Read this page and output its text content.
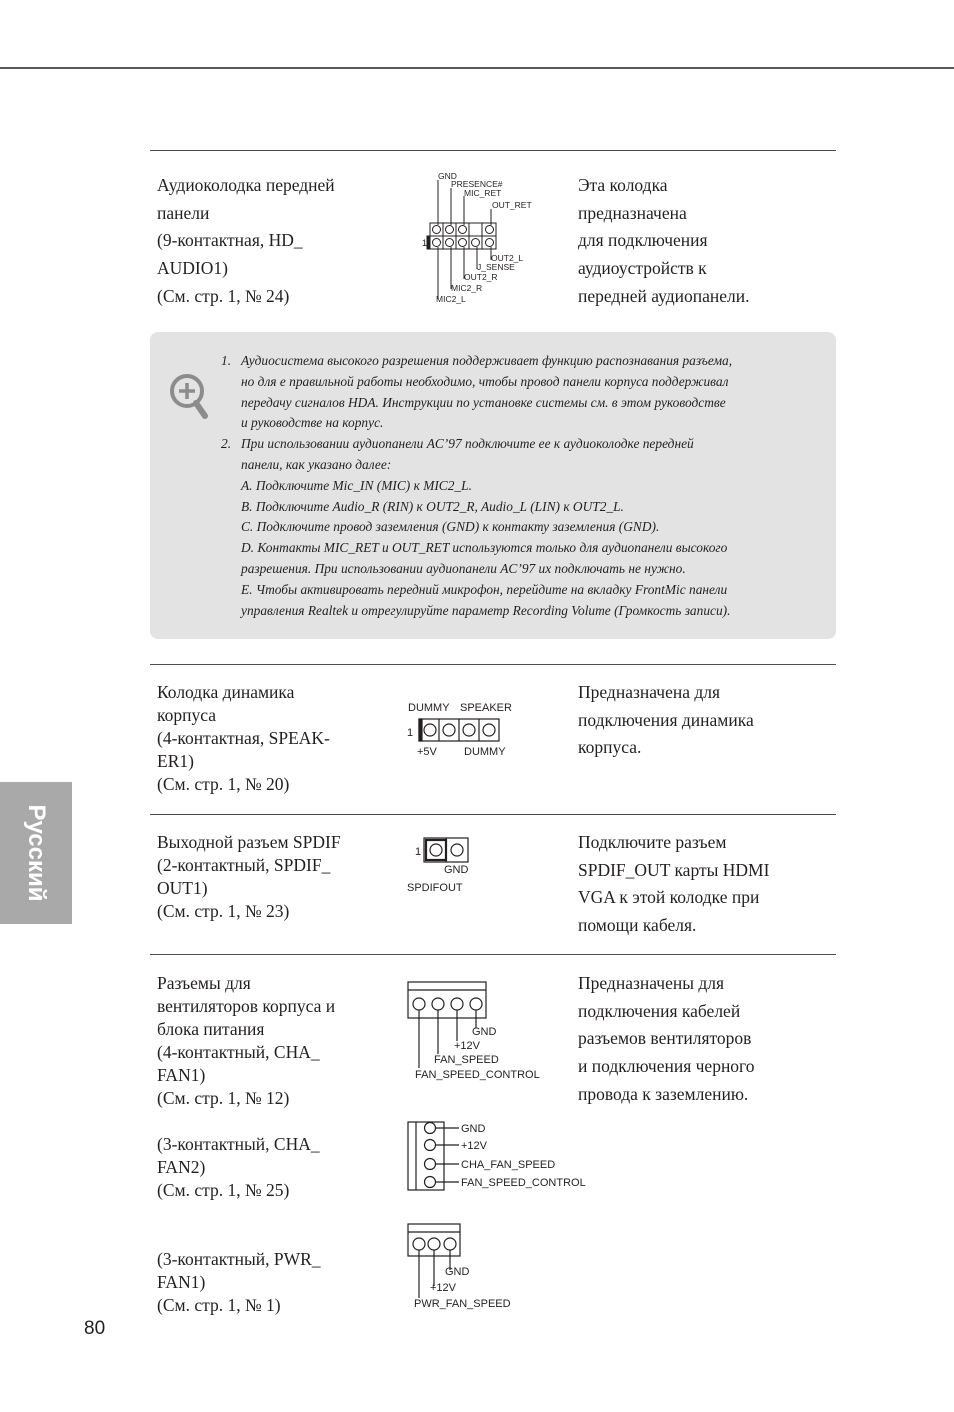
Аудиоколодка передней
панели
(9-контактная, HD_
AUDIO1)
(См. стр. 1, № 24)
GND
PRESENCE#
MIC_RET
OUT_RET
1
OUT2_L
J_SENSE
OUT2_R
MIC2_R
MIC2_L
Эта колодка
предназначена
для подключения
аудиоустройств к
передней аудиопанели.
1. Аудиосистема высокого разрешения поддерживает функцию распознавания разъема,
но для е правильной работы необходимо, чтобы провод панели корпуса поддерживал
передачу сигналов HDA. Инструкции по установке системы см. в этом руководстве
и руководстве на корпус.
2. При использовании аудиопанели AC’97 подключите ее к аудиоколодке передней
панели, как указано далее:
A. Подключите Mic_IN (MIC) к MIC2_L.
B. Подключите Audio_R (RIN) к OUT2_R, Audio_L (LIN) к OUT2_L.
C. Подключите провод заземления (GND) к контакту заземления (GND).
D. Контакты MIC_RET и OUT_RET используются только для аудиопанели высокого
разрешения. При использовании аудиопанели AC’97 их подключать не нужно.
E. Чтобы активировать передний микрофон, перейдите на вкладку FrontMic панели
управления Realtek и отрегулируйте параметр Recording Volume (Громкость записи).
Колодка динамика
корпуса
(4-контактная, SPEAK-
ER1)
(См. стр. 1, № 20)
DUMMY SPEAKER
1
+5V DUMMY
Предназначена для
подключения динамика
корпуса.
Выходной разъем SPDIF
(2-контактный, SPDIF_
OUT1)
(См. стр. 1, № 23)
1
GND
SPDIFOUT
Подключите разъем
SPDIF_OUT карты HDMI
VGA к этой колодке при
помощи кабеля.
Разъемы для
вентиляторов корпуса и
блока питания
(4-контактный, CHA_
FAN1)
(См. стр. 1, № 12)
(3-контактный, CHA_
FAN2)
(См. стр. 1, № 25)
(3-контактный, PWR_
FAN1)
(См. стр. 1, № 1)
GND
+12V
FAN_SPEED
FAN_SPEED_CONTROL
Предназначены для
подключения кабелей
разъемов вентиляторов
и подключения черного
провода к заземлению.
GND
+12V
CHA_FAN_SPEED
FAN_SPEED_CONTROL
GND
+12V
PWR_FAN_SPEED
Русский
80
